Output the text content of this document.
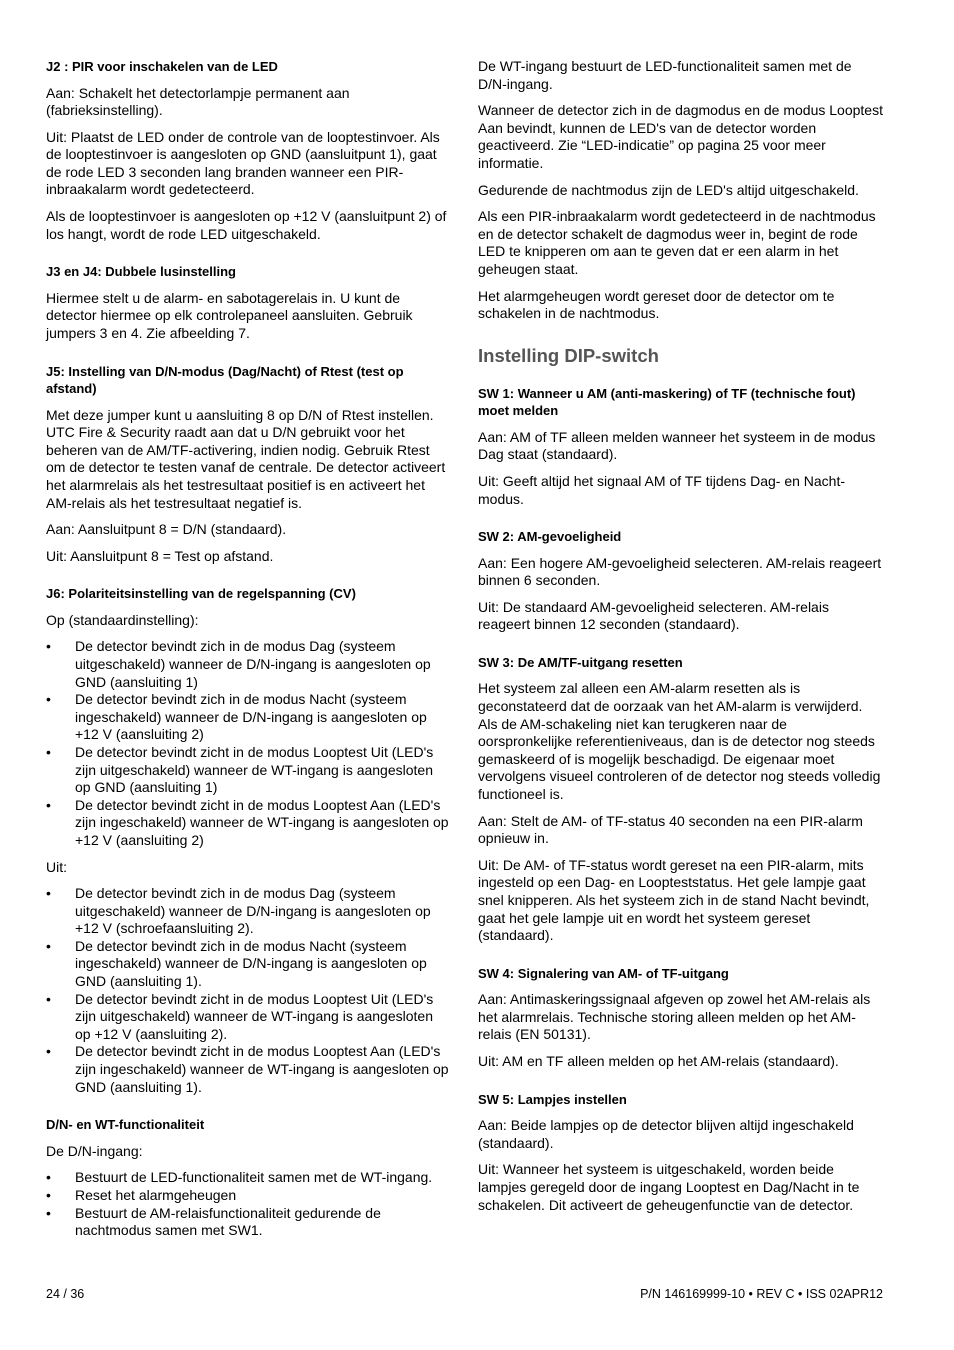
J2 : PIR voor inschakelen van de LED

Aan: Schakelt het detectorlampje permanent aan (fabrieksinstelling).

Uit: Plaatst de LED onder de controle van de looptestinvoer. Als de looptestinvoer is aangesloten op GND (aansluitpunt 1), gaat de rode LED 3 seconden lang branden wanneer een PIR-inbraakalarm wordt gedetecteerd.

Als de looptestinvoer is aangesloten op +12 V (aansluitpunt 2) of los hangt, wordt de rode LED uitgeschakeld.

J3 en J4: Dubbele lusinstelling

Hiermee stelt u de alarm- en sabotagerelais in. U kunt de detector hiermee op elk controlepaneel aansluiten. Gebruik jumpers 3 en 4. Zie afbeelding 7.

J5: Instelling van D/N-modus (Dag/Nacht) of Rtest (test op afstand)

Met deze jumper kunt u aansluiting 8 op D/N of Rtest instellen. UTC Fire & Security raadt aan dat u D/N gebruikt voor het beheren van de AM/TF-activering, indien nodig. Gebruik Rtest om de detector te testen vanaf de centrale. De detector activeert het alarmrelais als het testresultaat positief is en activeert het AM-relais als het testresultaat negatief is.

Aan: Aansluitpunt 8 = D/N (standaard).

Uit: Aansluitpunt 8 = Test op afstand.

J6: Polariteitsinstelling van de regelspanning (CV)

Op (standaardinstelling):

• De detector bevindt zich in de modus Dag (systeem uitgeschakeld) wanneer de D/N-ingang is aangesloten op GND (aansluiting 1)
• De detector bevindt zich in de modus Nacht (systeem ingeschakeld) wanneer de D/N-ingang is aangesloten op +12 V (aansluiting 2)
• De detector bevindt zicht in de modus Looptest Uit (LED's zijn uitgeschakeld) wanneer de WT-ingang is aangesloten op GND (aansluiting 1)
• De detector bevindt zicht in de modus Looptest Aan (LED's zijn ingeschakeld) wanneer de WT-ingang is aangesloten op +12 V (aansluiting 2)

Uit:

• De detector bevindt zich in de modus Dag (systeem uitgeschakeld) wanneer de D/N-ingang is aangesloten op +12 V (schroefaansluiting 2).
• De detector bevindt zich in de modus Nacht (systeem ingeschakeld) wanneer de D/N-ingang is aangesloten op GND (aansluiting 1).
• De detector bevindt zicht in de modus Looptest Uit (LED's zijn uitgeschakeld) wanneer de WT-ingang is aangesloten op +12 V (aansluiting 2).
• De detector bevindt zicht in de modus Looptest Aan (LED's zijn ingeschakeld) wanneer de WT-ingang is aangesloten op GND (aansluiting 1).
D/N- en WT-functionaliteit

De D/N-ingang:

• Bestuurt de LED-functionaliteit samen met de WT-ingang.
• Reset het alarmgeheugen
• Bestuurt de AM-relaisfunctionaliteit gedurende de nachtmodus samen met SW1.

De WT-ingang bestuurt de LED-functionaliteit samen met de D/N-ingang.

Wanneer de detector zich in de dagmodus en de modus Looptest Aan bevindt, kunnen de LED's van de detector worden geactiveerd. Zie “LED-indicatie” op pagina 25 voor meer informatie.

Gedurende de nachtmodus zijn de LED's altijd uitgeschakeld.

Als een PIR-inbraakalarm wordt gedetecteerd in de nachtmodus en de detector schakelt de dagmodus weer in, begint de rode LED te knipperen om aan te geven dat er een alarm in het geheugen staat.

Het alarmgeheugen wordt gereset door de detector om te schakelen in de nachtmodus.

Instelling DIP-switch
SW 1: Wanneer u AM (anti-maskering) of TF (technische fout) moet melden

Aan: AM of TF alleen melden wanneer het systeem in de modus Dag staat (standaard).

Uit: Geeft altijd het signaal AM of TF tijdens Dag- en Nacht-modus.

SW 2: AM-gevoeligheid

Aan: Een hogere AM-gevoeligheid selecteren. AM-relais reageert binnen 6 seconden.

Uit: De standaard AM-gevoeligheid selecteren. AM-relais reageert binnen 12 seconden (standaard).

SW 3: De AM/TF-uitgang resetten

Het systeem zal alleen een AM-alarm resetten als is geconstateerd dat de oorzaak van het AM-alarm is verwijderd. Als de AM-schakeling niet kan terugkeren naar de oorspronkelijke referentieniveaus, dan is de detector nog steeds gemaskeerd of is mogelijk beschadigd. De eigenaar moet vervolgens visueel controleren of de detector nog steeds volledig functioneel is.

Aan: Stelt de AM- of TF-status 40 seconden na een PIR-alarm opnieuw in.

Uit: De AM- of TF-status wordt gereset na een PIR-alarm, mits ingesteld op een Dag- en Loopteststatus. Het gele lampje gaat snel knipperen. Als het systeem zich in de stand Nacht bevindt, gaat het gele lampje uit en wordt het systeem gereset (standaard).

SW 4: Signalering van AM- of TF-uitgang

Aan: Antimaskeringssignaal afgeven op zowel het AM-relais als het alarmrelais. Technische storing alleen melden op het AM-relais (EN 50131).

Uit: AM en TF alleen melden op het AM-relais (standaard).

SW 5: Lampjes instellen

Aan: Beide lampjes op de detector blijven altijd ingeschakeld (standaard).

Uit: Wanneer het systeem is uitgeschakeld, worden beide lampjes geregeld door de ingang Looptest en Dag/Nacht in te schakelen. Dit activeert de geheugenfunctie van de detector.

24 / 36	P/N 146169999-10 • REV C • ISS 02APR12
